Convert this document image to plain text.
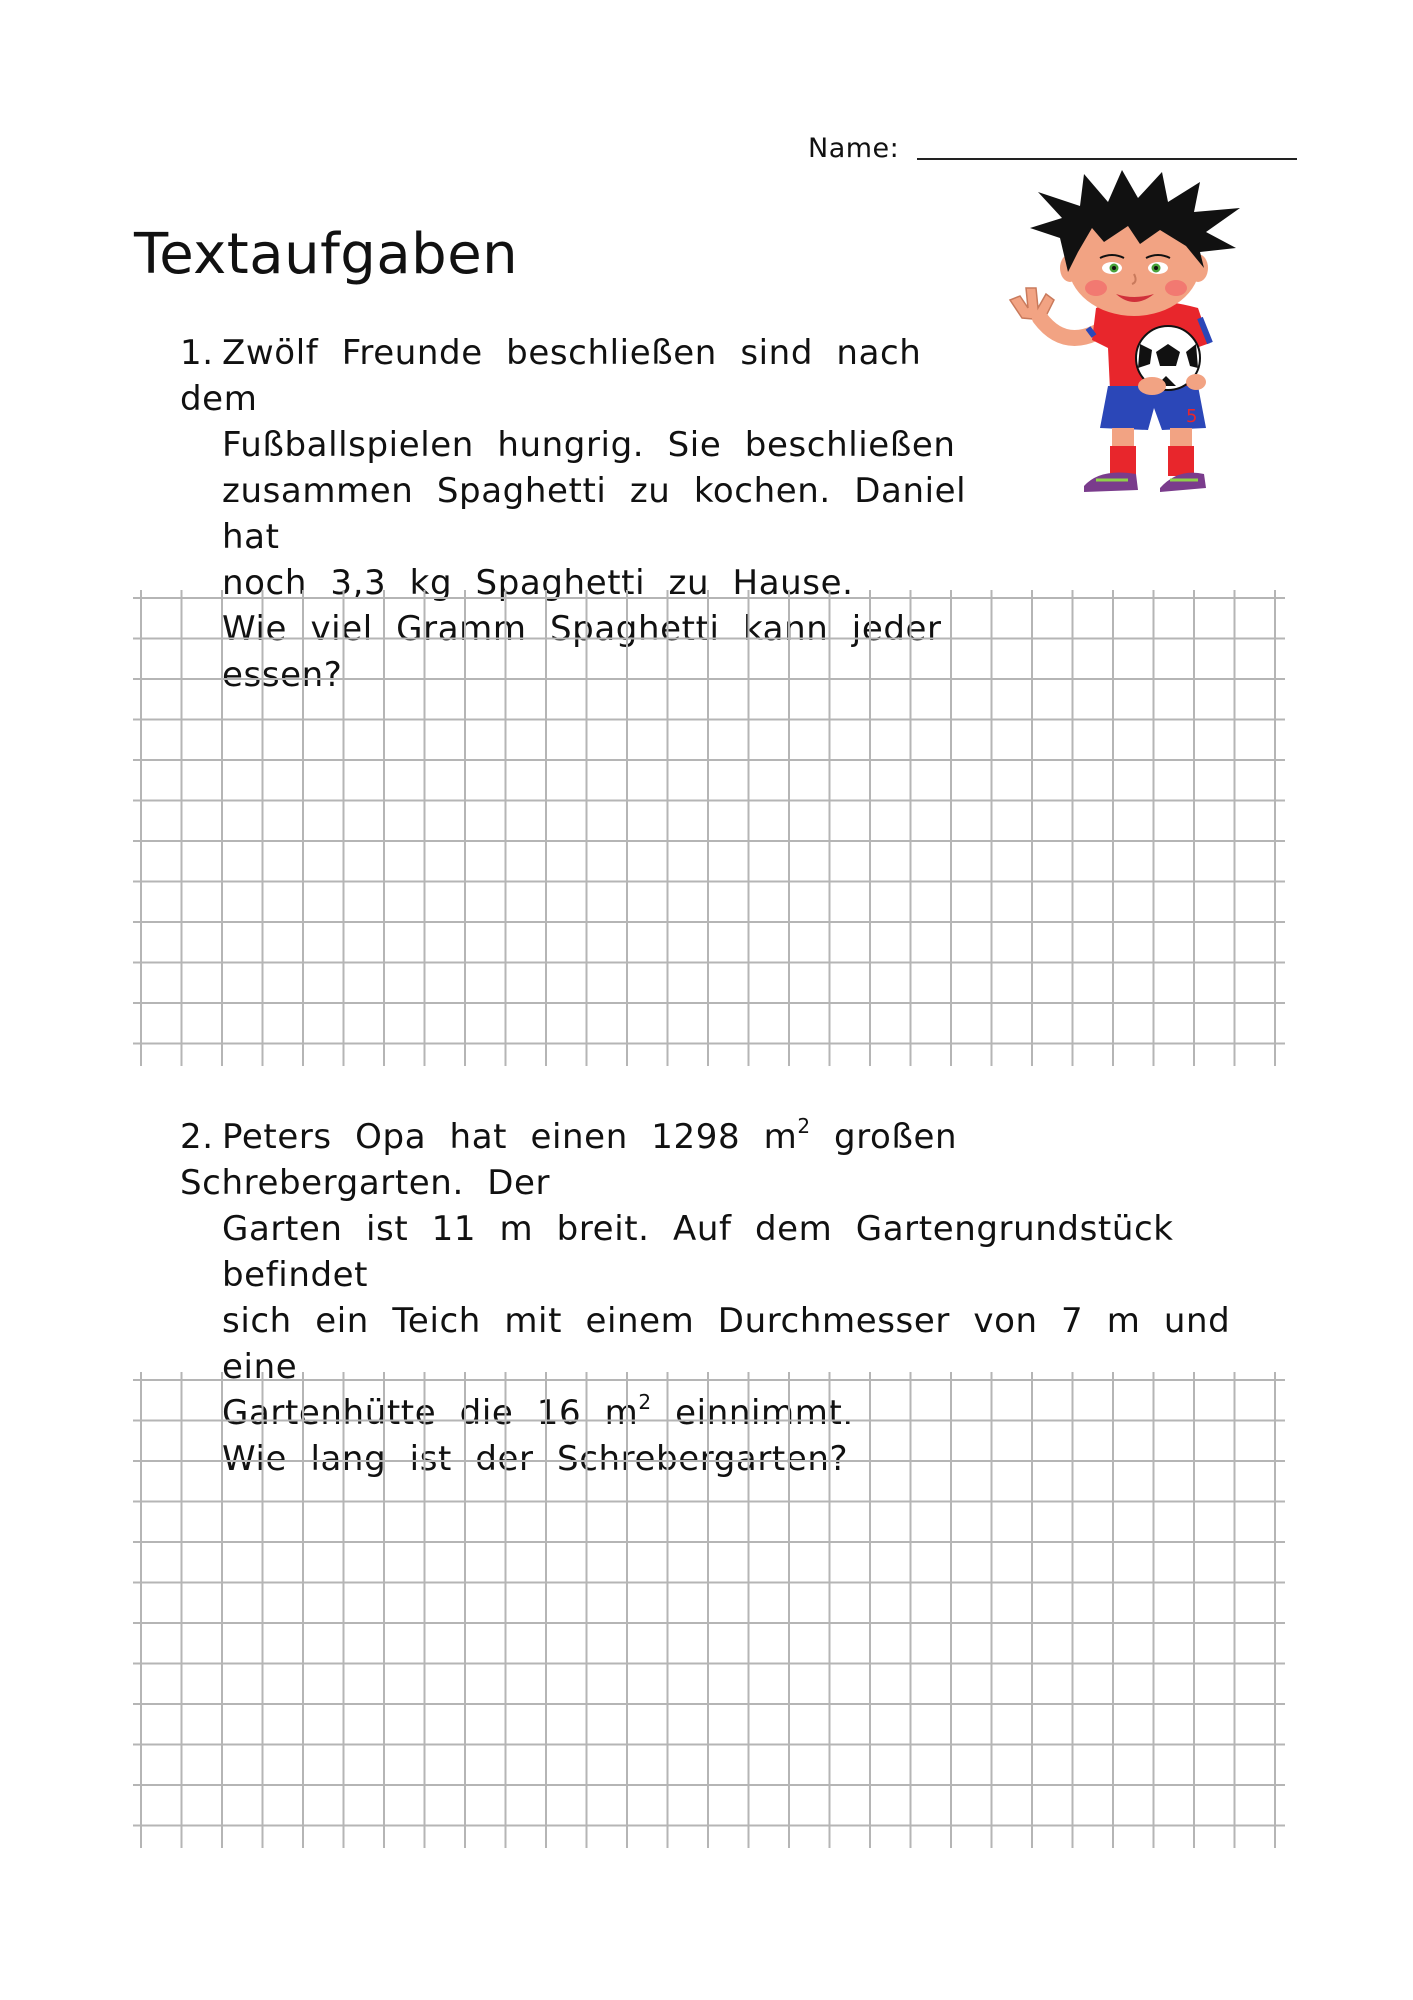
Name:
Textaufgaben
1. Zwölf Freunde beschließen sind nach dem
Fußballspielen hungrig. Sie beschließen
zusammen Spaghetti zu kochen. Daniel hat
noch 3,3 kg Spaghetti zu Hause.
Wie viel Gramm Spaghetti kann jeder essen?
2. Peters Opa hat einen 1298 $m^2$ großen Schrebergarten. Der
Garten ist 11 m breit. Auf dem Gartengrundstück befindet
sich ein Teich mit einem Durchmesser von 7 m und eine
Gartenhütte die 16 $m^2$ einnimmt.
Wie lang ist der Schrebergarten?
5
